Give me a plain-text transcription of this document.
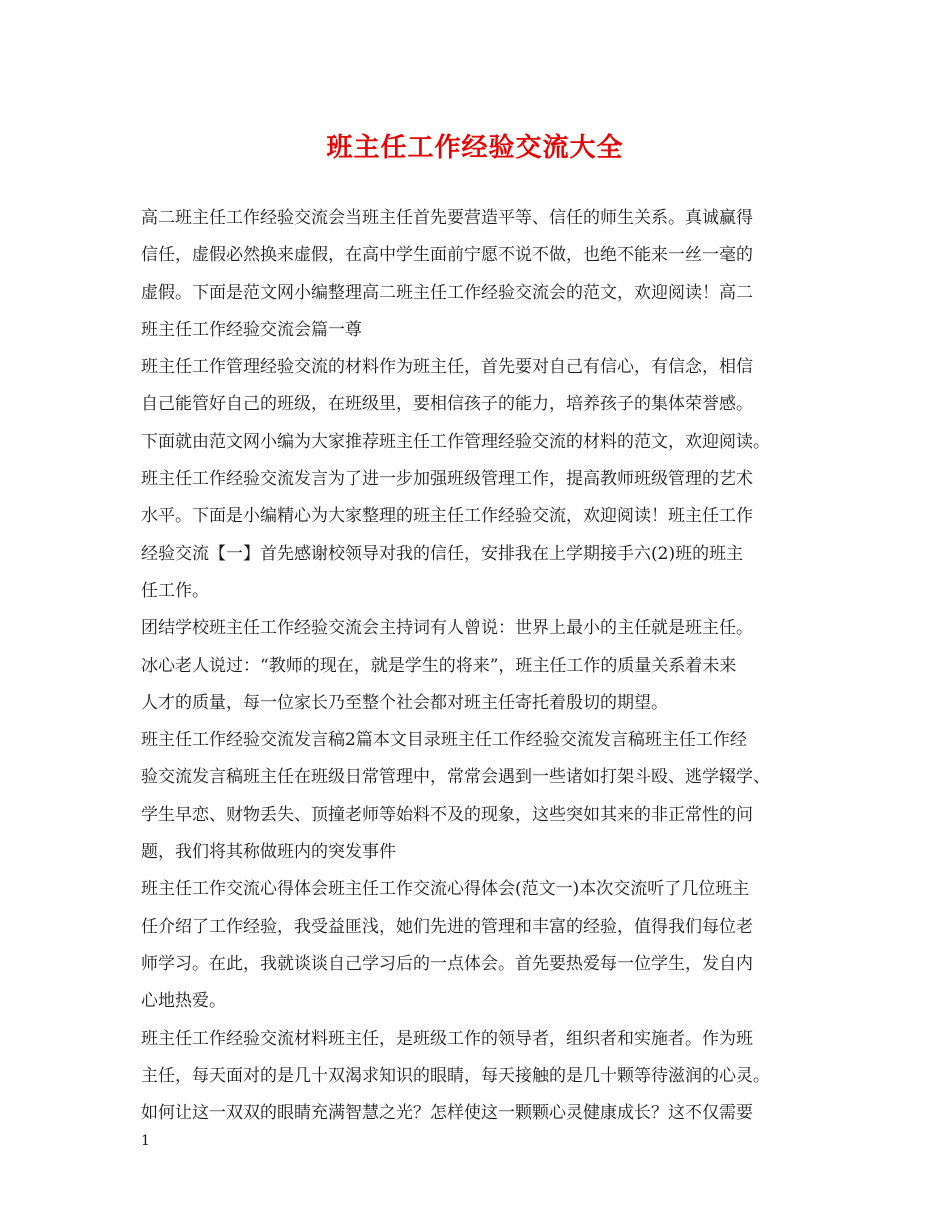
班主任工作经验交流大全
高二班主任工作经验交流会当班主任首先要营造平等、信任的师生关系。真诚赢得
信任，虚假必然换来虚假，在高中学生面前宁愿不说不做，也绝不能来一丝一毫的
虚假。下面是范文网小编整理高二班主任工作经验交流会的范文，欢迎阅读！高二
班主任工作经验交流会篇一尊
班主任工作管理经验交流的材料作为班主任，首先要对自己有信心，有信念，相信
自己能管好自己的班级，在班级里，要相信孩子的能力，培养孩子的集体荣誉感。
下面就由范文网小编为大家推荐班主任工作管理经验交流的材料的范文，欢迎阅读。
班主任工作经验交流发言为了进一步加强班级管理工作，提高教师班级管理的艺术
水平。下面是小编精心为大家整理的班主任工作经验交流，欢迎阅读！班主任工作
经验交流【一】首先感谢校领导对我的信任，安排我在上学期接手六(2)班的班主
任工作。
团结学校班主任工作经验交流会主持词有人曾说：世界上最小的主任就是班主任。
冰心老人说过：“教师的现在，就是学生的将来”，班主任工作的质量关系着未来
人才的质量，每一位家长乃至整个社会都对班主任寄托着殷切的期望。
班主任工作经验交流发言稿2篇本文目录班主任工作经验交流发言稿班主任工作经
验交流发言稿班主任在班级日常管理中，常常会遇到一些诸如打架斗殴、逃学辍学、
学生早恋、财物丢失、顶撞老师等始料不及的现象，这些突如其来的非正常性的问
题，我们将其称做班内的突发事件
班主任工作交流心得体会班主任工作交流心得体会(范文一)本次交流听了几位班主
任介绍了工作经验，我受益匪浅，她们先进的管理和丰富的经验，值得我们每位老
师学习。在此，我就谈谈自己学习后的一点体会。首先要热爱每一位学生，发自内
心地热爱。
班主任工作经验交流材料班主任，是班级工作的领导者，组织者和实施者。作为班
主任，每天面对的是几十双渴求知识的眼睛，每天接触的是几十颗等待滋润的心灵。
如何让这一双双的眼睛充满智慧之光？怎样使这一颗颗心灵健康成长？这不仅需要
1
